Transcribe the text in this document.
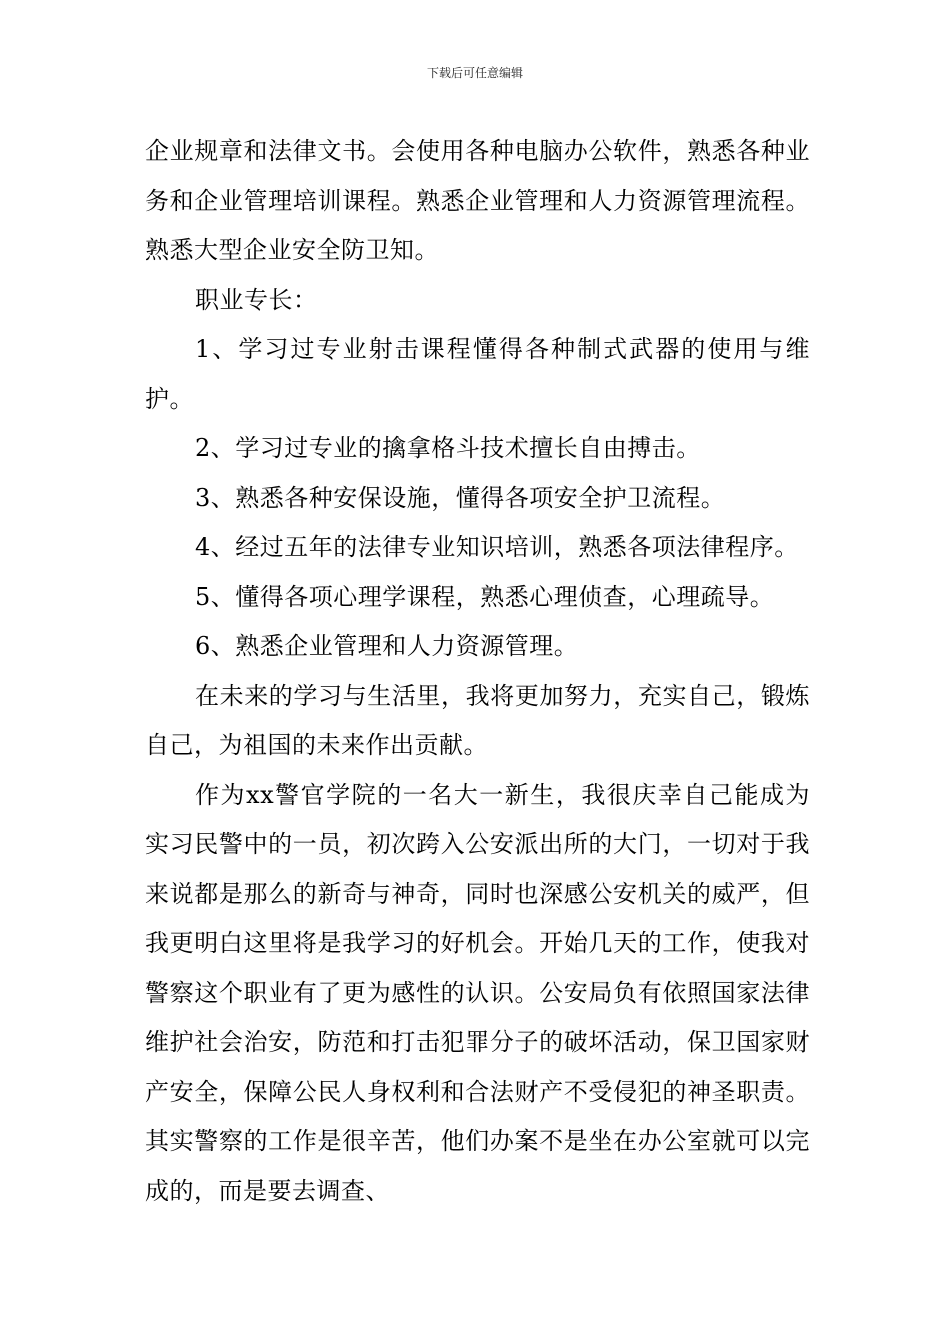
下载后可任意编辑

企业规章和法律文书。会使用各种电脑办公软件，熟悉各种业务和企业管理培训课程。熟悉企业管理和人力资源管理流程。熟悉大型企业安全防卫知。

职业专长：

1、学习过专业射击课程懂得各种制式武器的使用与维护。

2、学习过专业的擒拿格斗技术擅长自由搏击。

3、熟悉各种安保设施，懂得各项安全护卫流程。

4、经过五年的法律专业知识培训，熟悉各项法律程序。

5、懂得各项心理学课程，熟悉心理侦查，心理疏导。

6、熟悉企业管理和人力资源管理。

在未来的学习与生活里，我将更加努力，充实自己，锻炼自己，为祖国的未来作出贡献。

作为xx警官学院的一名大一新生，我很庆幸自己能成为实习民警中的一员，初次跨入公安派出所的大门，一切对于我来说都是那么的新奇与神奇，同时也深感公安机关的威严，但我更明白这里将是我学习的好机会。开始几天的工作，使我对警察这个职业有了更为感性的认识。公安局负有依照国家法律维护社会治安，防范和打击犯罪分子的破坏活动，保卫国家财产安全，保障公民人身权利和合法财产不受侵犯的神圣职责。其实警察的工作是很辛苦，他们办案不是坐在办公室就可以完成的，而是要去调查、
